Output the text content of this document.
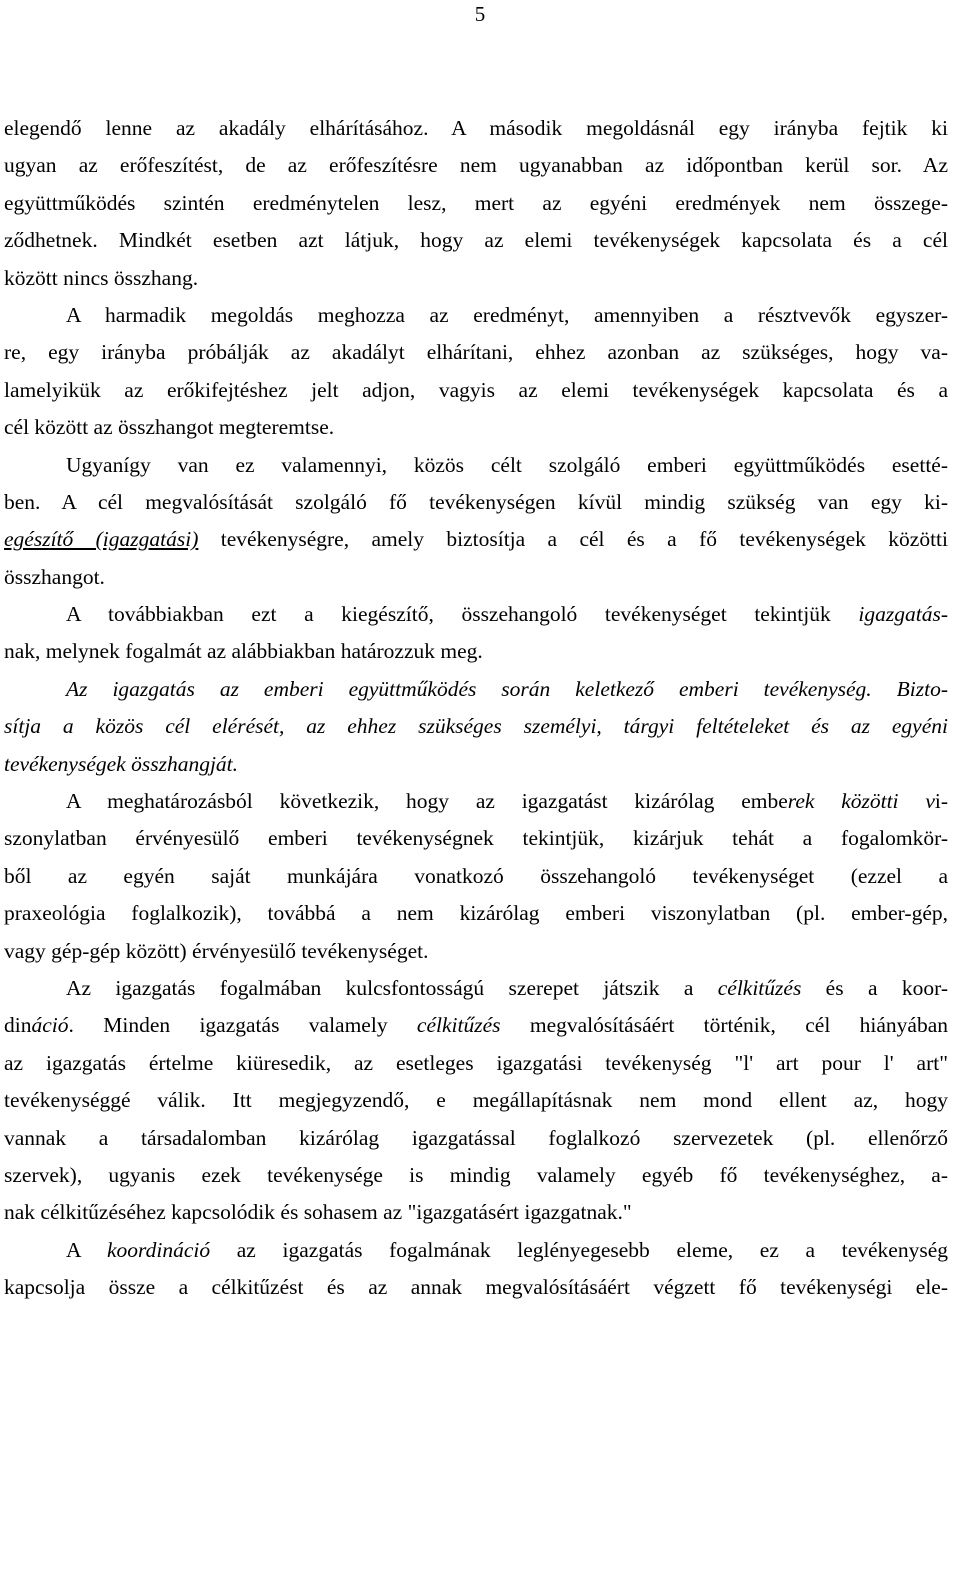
5
elegendő lenne az akadály elhárításához. A második megoldásnál egy irányba fejtik ki
ugyan az erőfeszítést, de az erőfeszítésre nem ugyanabban az időpontban kerül sor. Az
együttműködés szintén eredménytelen lesz, mert az egyéni eredmények nem összege-
ződhetnek. Mindkét esetben azt látjuk, hogy az elemi tevékenységek kapcsolata és a cél
között nincs összhang.
A harmadik megoldás meghozza az eredményt, amennyiben a résztvevők egyszer-
re, egy irányba próbálják az akadályt elhárítani, ehhez azonban az szükséges, hogy va-
lamelyikük az erőkifejtéshez jelt adjon, vagyis az elemi tevékenységek kapcsolata és a
cél között az összhangot megteremtse.
Ugyanígy van ez valamennyi, közös célt szolgáló emberi együttműködés esetté-
ben. A cél megvalósítását szolgáló fő tevékenységen kívül mindig szükség van egy ki-
egészítő (igazgatási) tevékenységre, amely biztosítja a cél és a fő tevékenységek közötti
összhangot.
A továbbiakban ezt a kiegészítő, összehangoló tevékenységet tekintjük igazgatás-
nak, melynek fogalmát az alábbiakban határozzuk meg.
Az igazgatás az emberi együttműködés során keletkező emberi tevékenység. Bizto-
sítja a közös cél elérését, az ehhez szükséges személyi, tárgyi feltételeket és az egyéni
tevékenységek összhangját.
A meghatározásból következik, hogy az igazgatást kizárólag emberek közötti vi-
szonylatban érvényesülő emberi tevékenységnek tekintjük, kizárjuk tehát a fogalomkör-
ből az egyén saját munkájára vonatkozó összehangoló tevékenységet (ezzel a
praxeológia foglalkozik), továbbá a nem kizárólag emberi viszonylatban (pl. ember-gép,
vagy gép-gép között) érvényesülő tevékenységet.
Az igazgatás fogalmában kulcsfontosságú szerepet játszik a célkitűzés és a koor-
dináció. Minden igazgatás valamely célkitűzés megvalósításáért történik, cél hiányában
az igazgatás értelme kiüresedik, az esetleges igazgatási tevékenység "l' art pour l' art"
tevékenységgé válik. Itt megjegyzendő, e megállapításnak nem mond ellent az, hogy
vannak a társadalomban kizárólag igazgatással foglalkozó szervezetek (pl. ellenőrző
szervek), ugyanis ezek tevékenysége is mindig valamely egyéb fő tevékenységhez, a-
nak célkitűzéséhez kapcsolódik és sohasem az "igazgatásért igazgatnak."
A koordináció az igazgatás fogalmának leglényegesebb eleme, ez a tevékenység
kapcsolja össze a célkitűzést és az annak megvalósításáért végzett fő tevékenységi ele-
